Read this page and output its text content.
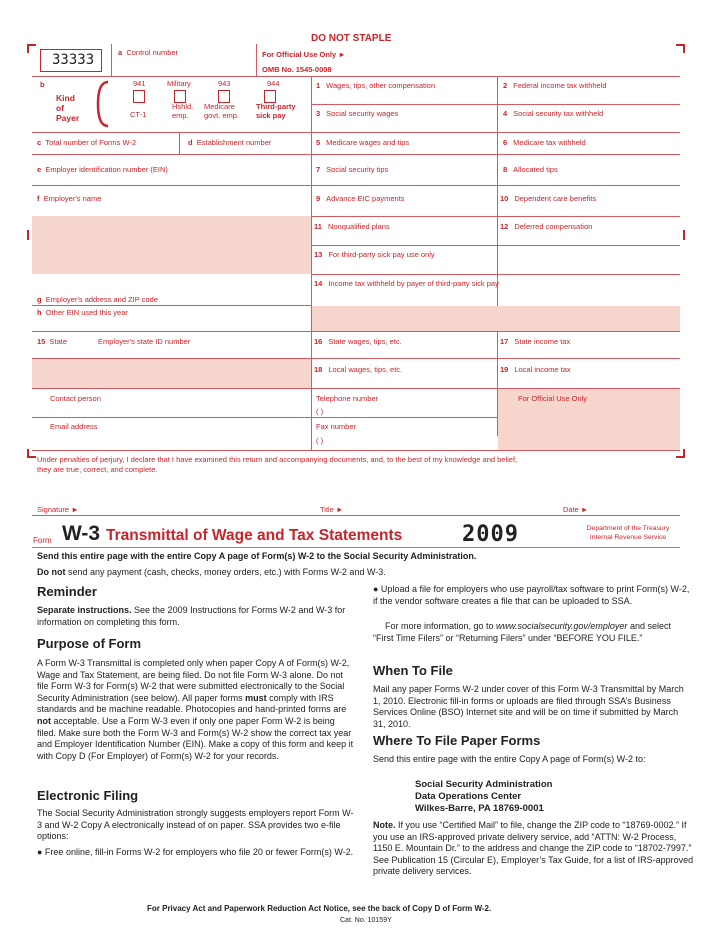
DO NOT STAPLE
33333	a Control number	For Official Use Only ►
OMB No. 1545-0008
b
Kind
of
Payer
941	Military	943	944
CT-1
Hshld.
emp.
Medicare
govt. emp.
Third-party
sick pay
c Total number of Forms W-2	d Establishment number
e Employer identification number (EIN)
f Employer's name
g Employer's address and ZIP code
h Other EIN used this year
15 State	Employer's state ID number
Contact person
Email address
Telephone number
( )
Fax number
( )
For Official Use Only
1 Wages, tips, other compensation	2 Federal income tax withheld
3 Social security wages	4 Social security tax withheld
5 Medicare wages and tips	6 Medicare tax withheld
7 Social security tips	8 Allocated tips
9 Advance EIC payments	10 Dependent care benefits
11 Nonqualified plans	12 Deferred compensation
13 For third-party sick pay use only
14 Income tax withheld by payer of third-party sick pay
16 State wages, tips, etc.	17 State income tax
18 Local wages, tips, etc.	19 Local income tax
Under penalties of perjury, I declare that I have examined this return and accompanying documents, and, to the best of my knowledge and belief,
they are true, correct, and complete.
Signature ►	Title ►	Date ►
Form W-3 Transmittal of Wage and Tax Statements	2009	Department of the Treasury
Internal Revenue Service
Send this entire page with the entire Copy A page of Form(s) W-2 to the Social Security Administration.
Do not send any payment (cash, checks, money orders, etc.) with Forms W-2 and W-3.
Reminder
Separate instructions. See the 2009 Instructions for Forms W-2 and W-3 for information on completing this form.
Purpose of Form
A Form W-3 Transmittal is completed only when paper Copy A of Form(s) W-2, Wage and Tax Statement, are being filed. Do not file Form W-3 alone. Do not file Form W-3 for Form(s) W-2 that were submitted electronically to the Social Security Administration (see below). All paper forms must comply with IRS standards and be machine readable. Photocopies and hand-printed forms are not acceptable. Use a Form W-3 even if only one paper Form W-2 is being filed. Make sure both the Form W-3 and Form(s) W-2 show the correct tax year and Employer Identification Number (EIN). Make a copy of this form and keep it with Copy D (For Employer) of Form(s) W-2 for your records.
Electronic Filing

The Social Security Administration strongly suggests employers report Form W-3 and W-2 Copy A electronically instead of on paper. SSA provides two e-file options:

● Free online, fill-in Forms W-2 for employers who file 20 or fewer Form(s) W-2.

● Upload a file for employers who use payroll/tax software to print Form(s) W-2, if the vendor software creates a file that can be uploaded to SSA.
For more information, go to www.socialsecurity.gov/employer and select “First Time Filers” or “Returning Filers” under “BEFORE YOU FILE.”
When To File
Mail any paper Forms W-2 under cover of this Form W-3 Transmittal by March 1, 2010. Electronic fill-in forms or uploads are filed through SSA’s Business Services Online (BSO) Internet site and will be on time if submitted by March 31, 2010.
Where To File Paper Forms
Send this entire page with the entire Copy A page of Form(s) W-2 to:
Social Security Administration
Data Operations Center
Wilkes-Barre, PA 18769-0001
Note. If you use “Certified Mail” to file, change the ZIP code to “18769-0002.” If you use an IRS-approved private delivery service, add “ATTN: W-2 Process, 1150 E. Mountain Dr.” to the address and change the ZIP code to “18702-7997.” See Publication 15 (Circular E), Employer’s Tax Guide, for a list of IRS-approved private delivery services.
For Privacy Act and Paperwork Reduction Act Notice, see the back of Copy D of Form W-2.
Cat. No. 10159Y
